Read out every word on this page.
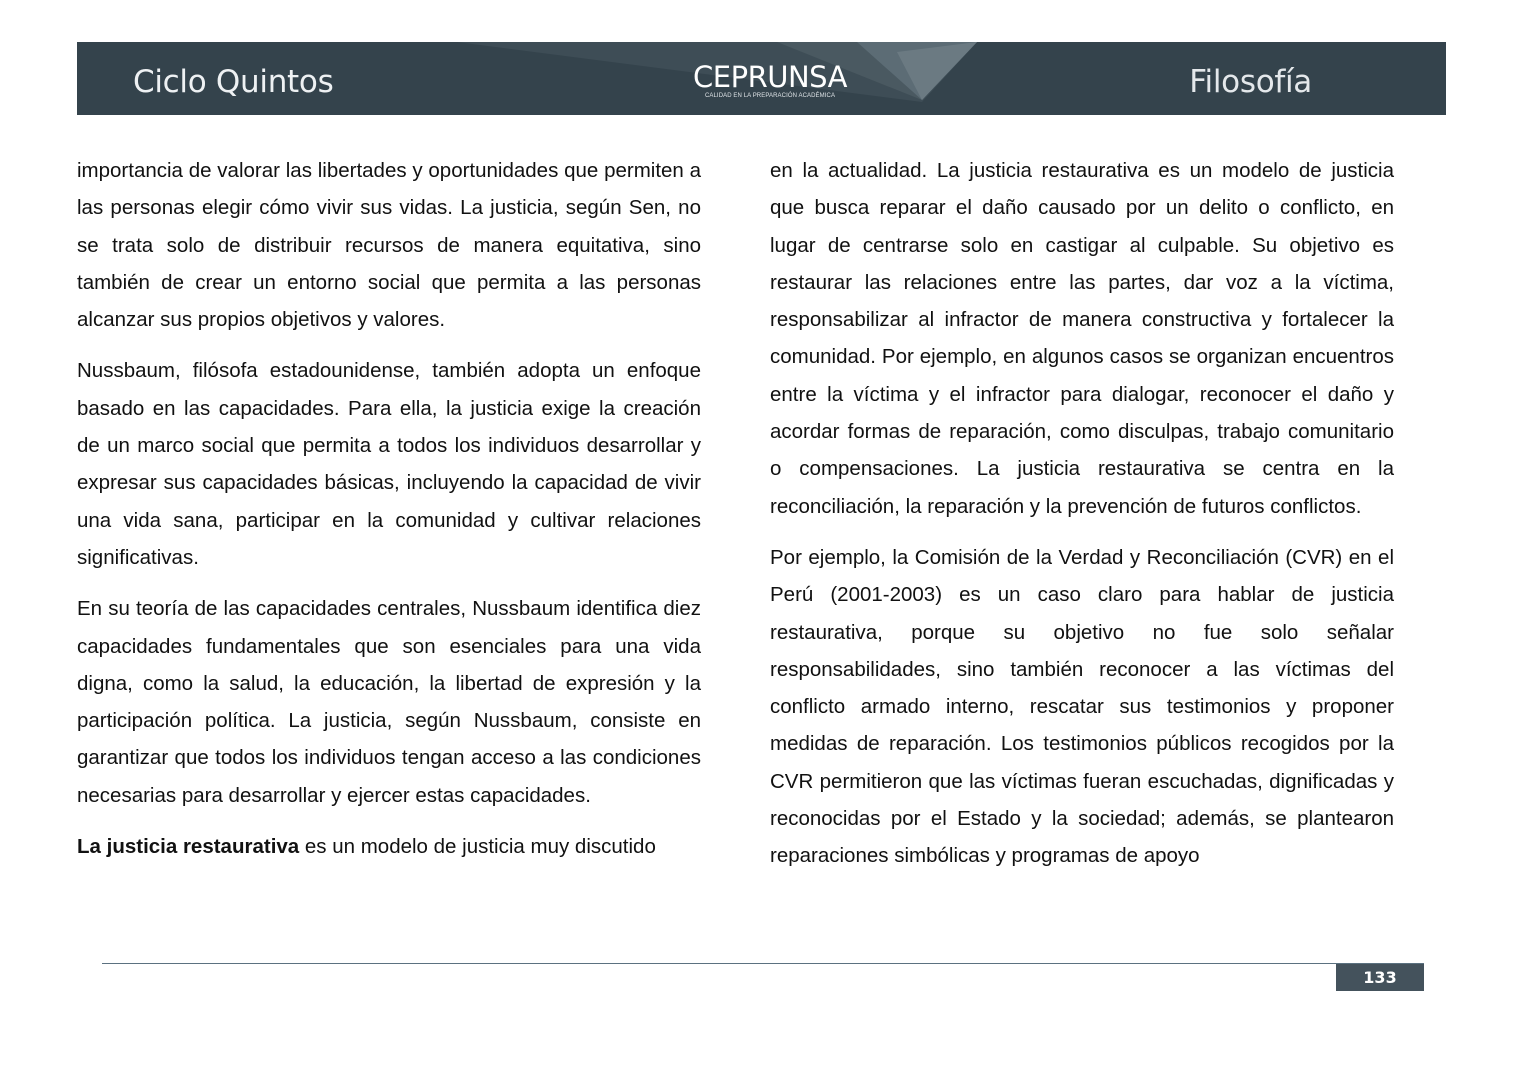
Ciclo Quintos	CEPRUNSA
CALIDAD EN LA PREPARACIÓN ACADÉMICA	Filosofía

importancia de valorar las libertades y oportunidades que permiten a las personas elegir cómo vivir sus vidas. La justicia, según Sen, no se trata solo de distribuir recursos de manera equitativa, sino también de crear un entorno social que permita a las personas alcanzar sus propios objetivos y valores.

Nussbaum, filósofa estadounidense, también adopta un enfoque basado en las capacidades. Para ella, la justicia exige la creación de un marco social que permita a todos los individuos desarrollar y expresar sus capacidades básicas, incluyendo la capacidad de vivir una vida sana, participar en la comunidad y cultivar relaciones significativas.

En su teoría de las capacidades centrales, Nussbaum identifica diez capacidades fundamentales que son esenciales para una vida digna, como la salud, la educación, la libertad de expresión y la participación política. La justicia, según Nussbaum, consiste en garantizar que todos los individuos tengan acceso a las condiciones necesarias para desarrollar y ejercer estas capacidades.

La justicia restaurativa es un modelo de justicia muy discutido

en la actualidad. La justicia restaurativa es un modelo de justicia que busca reparar el daño causado por un delito o conflicto, en lugar de centrarse solo en castigar al culpable. Su objetivo es restaurar las relaciones entre las partes, dar voz a la víctima, responsabilizar al infractor de manera constructiva y fortalecer la comunidad. Por ejemplo, en algunos casos se organizan encuentros entre la víctima y el infractor para dialogar, reconocer el daño y acordar formas de reparación, como disculpas, trabajo comunitario o compensaciones. La justicia restaurativa se centra en la reconciliación, la reparación y la prevención de futuros conflictos.

Por ejemplo, la Comisión de la Verdad y Reconciliación (CVR) en el Perú (2001-2003) es un caso claro para hablar de justicia restaurativa, porque su objetivo no fue solo señalar responsabilidades, sino también reconocer a las víctimas del conflicto armado interno, rescatar sus testimonios y proponer medidas de reparación. Los testimonios públicos recogidos por la CVR permitieron que las víctimas fueran escuchadas, dignificadas y reconocidas por el Estado y la sociedad; además, se plantearon reparaciones simbólicas y programas de apoyo

133
